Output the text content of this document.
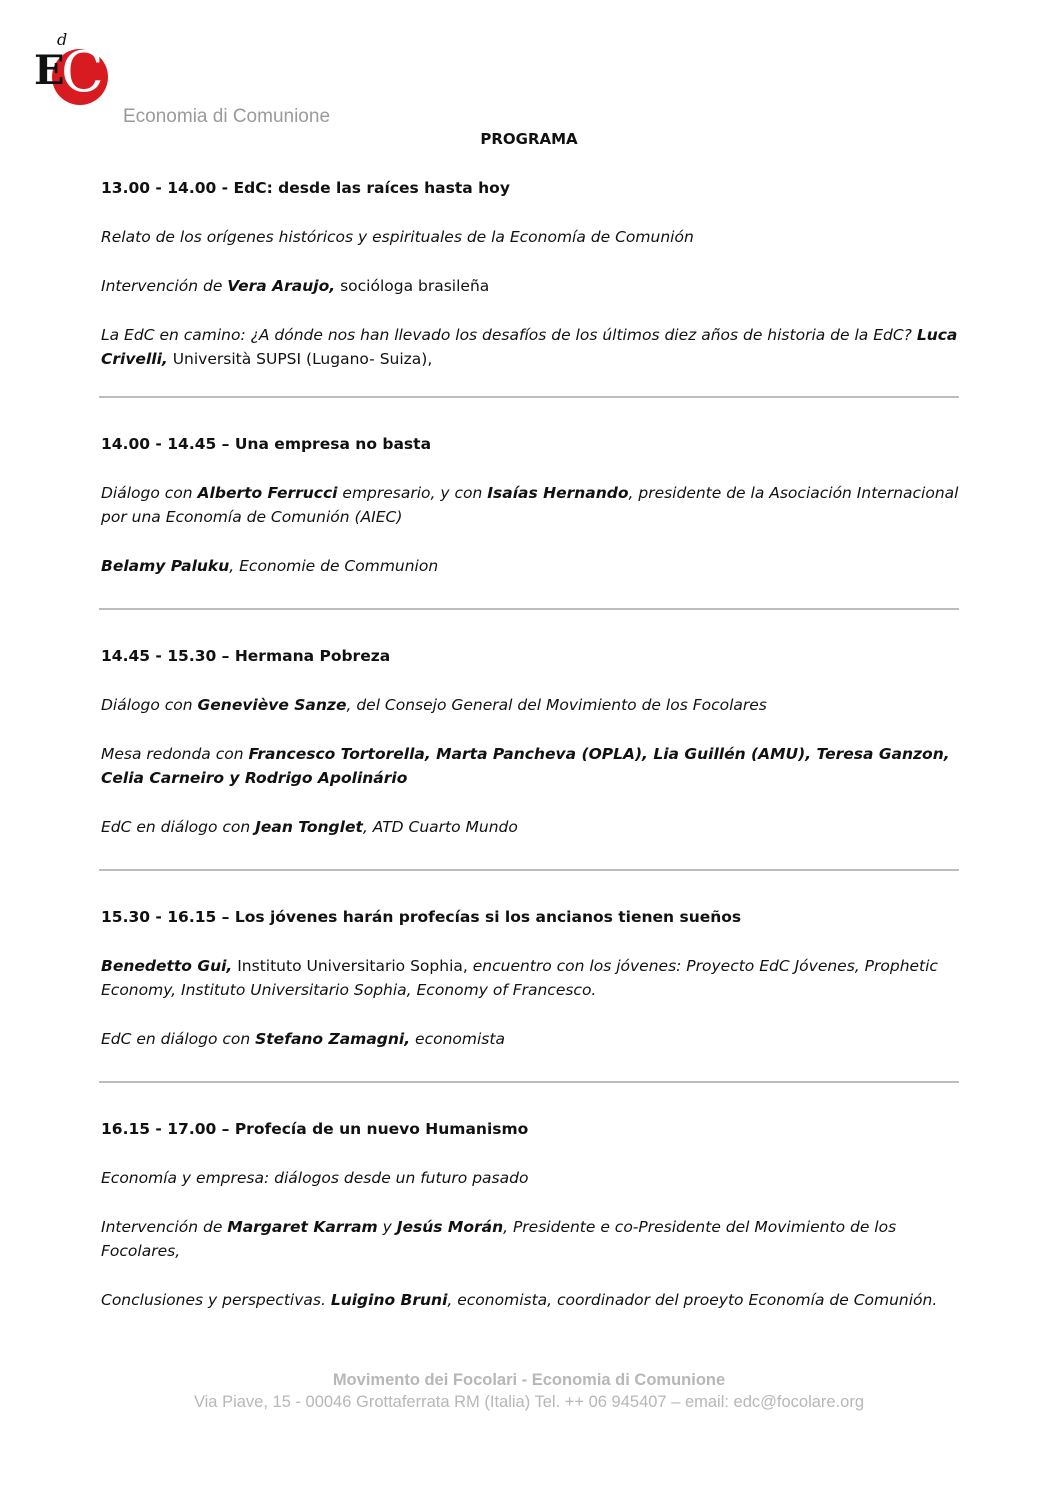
C
E
d
Economia di Comunione
PROGRAMA
13.00 - 14.00 - EdC: desde las raíces hasta hoy
Relato de los orígenes históricos y espirituales de la Economía de Comunión
Intervención de Vera Araujo, socióloga brasileña
La EdC en camino: ¿A dónde nos han llevado los desafíos de los últimos diez años de historia de la EdC? Luca Crivelli, Università SUPSI (Lugano- Suiza),
14.00 - 14.45 – Una empresa no basta
Diálogo con Alberto Ferrucci empresario, y con Isaías Hernando, presidente de la Asociación Internacional por una Economía de Comunión (AIEC)
Belamy Paluku, Economie de Communion
14.45 - 15.30 – Hermana Pobreza
Diálogo con Geneviève Sanze, del Consejo General del Movimiento de los Focolares
Mesa redonda con Francesco Tortorella, Marta Pancheva (OPLA), Lia Guillén (AMU), Teresa Ganzon, Celia Carneiro y Rodrigo Apolinário
EdC en diálogo con Jean Tonglet, ATD Cuarto Mundo
15.30 - 16.15 – Los jóvenes harán profecías si los ancianos tienen sueños
Benedetto Gui, Instituto Universitario Sophia, encuentro con los jóvenes: Proyecto EdC Jóvenes, Prophetic Economy, Instituto Universitario Sophia, Economy of Francesco.
EdC en diálogo con Stefano Zamagni, economista
16.15 - 17.00 – Profecía de un nuevo Humanismo
Economía y empresa: diálogos desde un futuro pasado
Intervención de Margaret Karram y Jesús Morán, Presidente e co-Presidente del Movimiento de los Focolares,
Conclusiones y perspectivas. Luigino Bruni, economista, coordinador del proeyto Economía de Comunión.
Movimento dei Focolari - Economia di Comunione
Via Piave, 15 - 00046 Grottaferrata RM (Italia) Tel. ++ 06 945407 – email: edc@focolare.org
